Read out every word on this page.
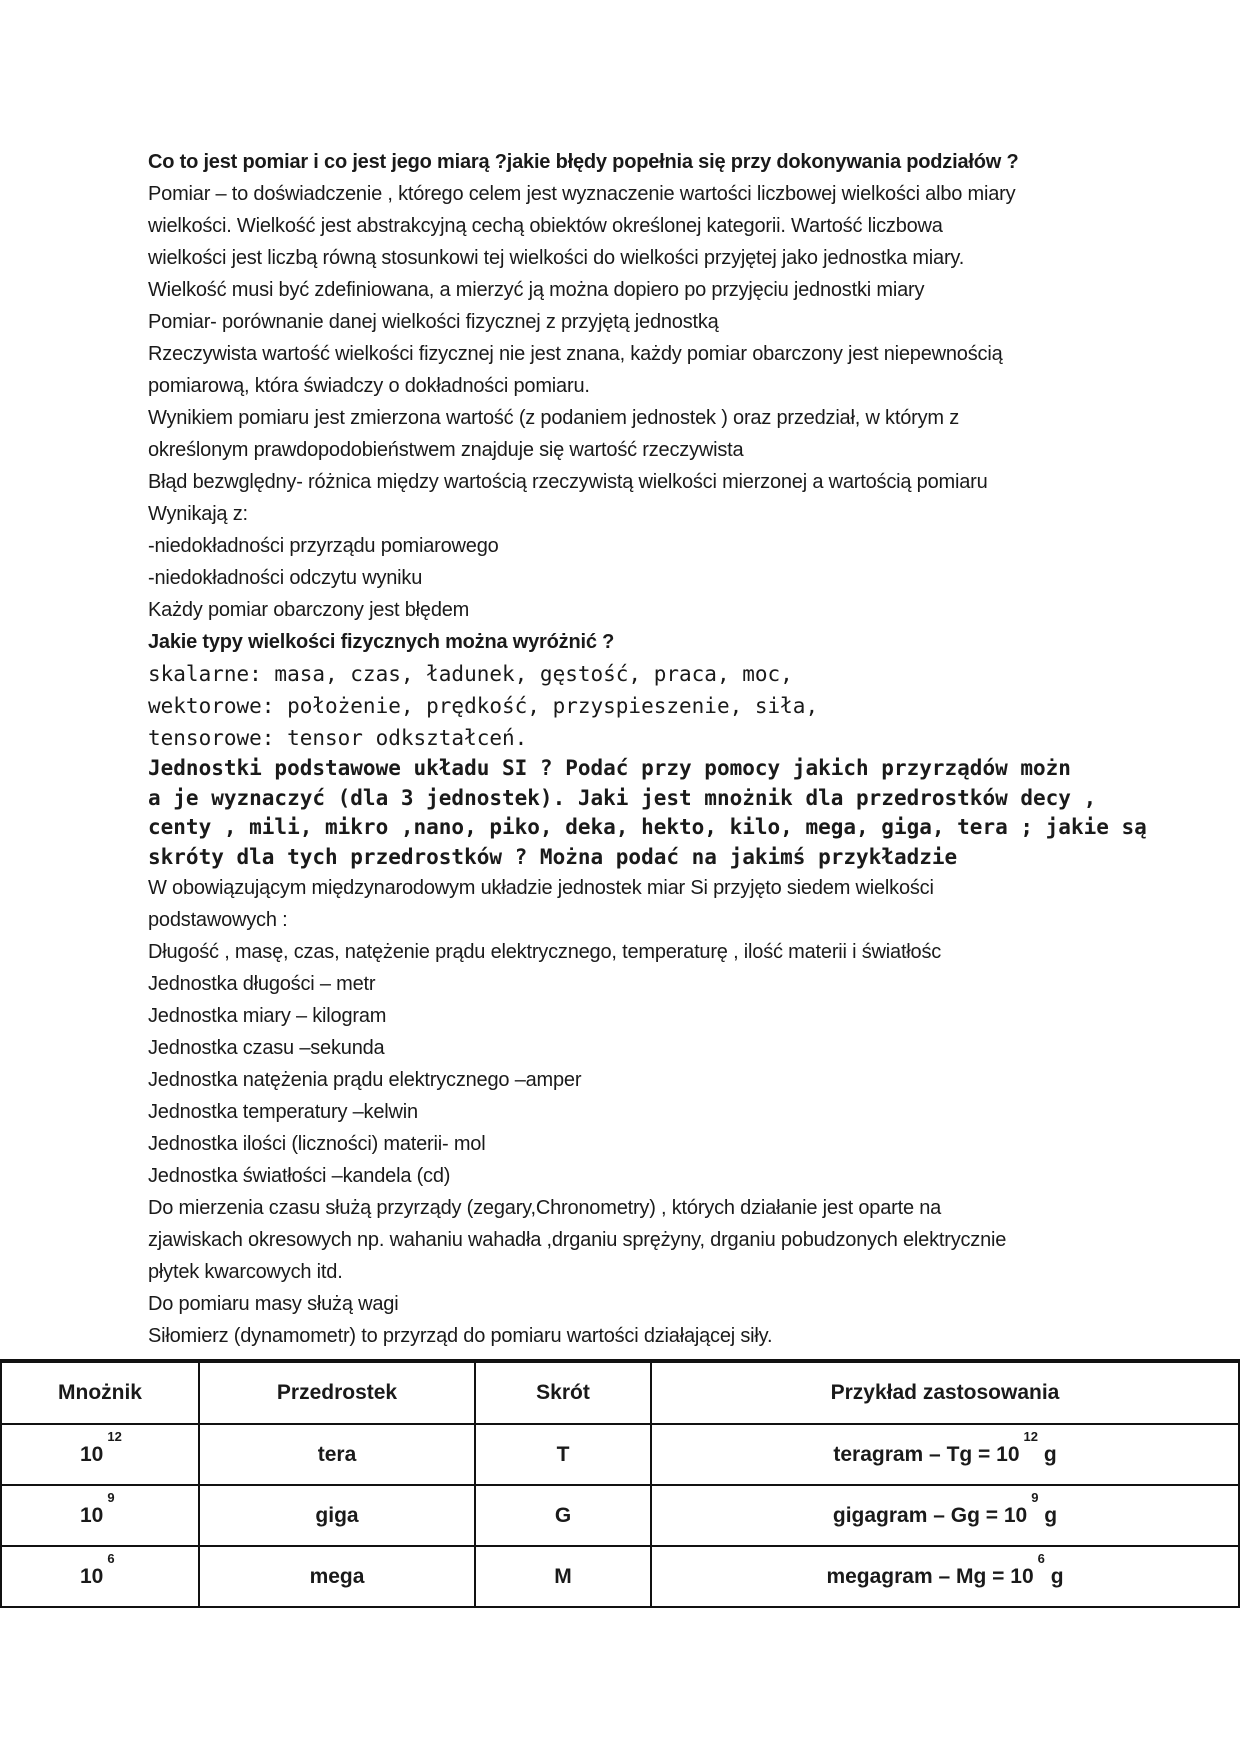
Co to jest pomiar i co jest jego miarą ?jakie błędy popełnia się przy dokonywania podziałów ?

Pomiar – to doświadczenie , którego celem jest wyznaczenie wartości liczbowej wielkości albo miary

wielkości. Wielkość jest abstrakcyjną cechą obiektów określonej kategorii. Wartość liczbowa

wielkości jest liczbą równą stosunkowi tej wielkości do wielkości przyjętej jako jednostka miary.

Wielkość musi być zdefiniowana, a mierzyć ją można dopiero po przyjęciu jednostki miary

Pomiar- porównanie danej wielkości fizycznej z przyjętą jednostką

Rzeczywista wartość wielkości fizycznej nie jest znana, każdy pomiar obarczony jest niepewnością

pomiarową, która świadczy o dokładności pomiaru.

Wynikiem pomiaru jest zmierzona wartość (z podaniem jednostek ) oraz przedział, w którym z

określonym prawdopodobieństwem znajduje się wartość rzeczywista

Błąd bezwględny- różnica między wartością rzeczywistą wielkości mierzonej a wartością pomiaru

Wynikają z:

-niedokładności przyrządu pomiarowego

-niedokładności odczytu wyniku

Każdy pomiar obarczony jest błędem

Jakie typy wielkości fizycznych można wyróżnić ?

skalarne: masa, czas, ładunek, gęstość, praca, moc,

wektorowe: położenie, prędkość, przyspieszenie, siła,

tensorowe: tensor odkształceń.

Jednostki podstawowe układu SI ? Podać przy pomocy jakich przyrządów możn

a je wyznaczyć (dla 3 jednostek). Jaki jest mnożnik dla przedrostków decy ,

centy , mili, mikro ,nano, piko, deka, hekto, kilo, mega, giga, tera ; jakie są

skróty dla tych przedrostków ? Można podać na jakimś przykładzie

W obowiązującym międzynarodowym układzie jednostek miar Si przyjęto siedem wielkości

podstawowych :

Długość , masę, czas, natężenie prądu elektrycznego, temperaturę , ilość materii i światłośc

Jednostka długości – metr

Jednostka miary – kilogram

Jednostka czasu –sekunda

Jednostka natężenia prądu elektrycznego –amper

Jednostka temperatury –kelwin

Jednostka ilości (liczności) materii- mol

Jednostka światłości –kandela (cd)

Do mierzenia czasu służą przyrządy (zegary,Chronometry) , których działanie jest oparte na

zjawiskach okresowych np. wahaniu wahadła ,drganiu sprężyny, drganiu pobudzonych elektrycznie

płytek kwarcowych itd.

Do pomiaru masy służą wagi

Siłomierz (dynamometr) to przyrząd do pomiaru wartości działającej siły.

Mnożnik	Przedrostek	Skrót	Przykład zastosowania
$10^{12}$	tera	T	teragram – $Tg = 10^{12}$ g
$10^9$	giga	G	gigagram – $Gg = 10^9$ g
$10^6$	mega	M	megagram – $Mg = 10^6$ g
